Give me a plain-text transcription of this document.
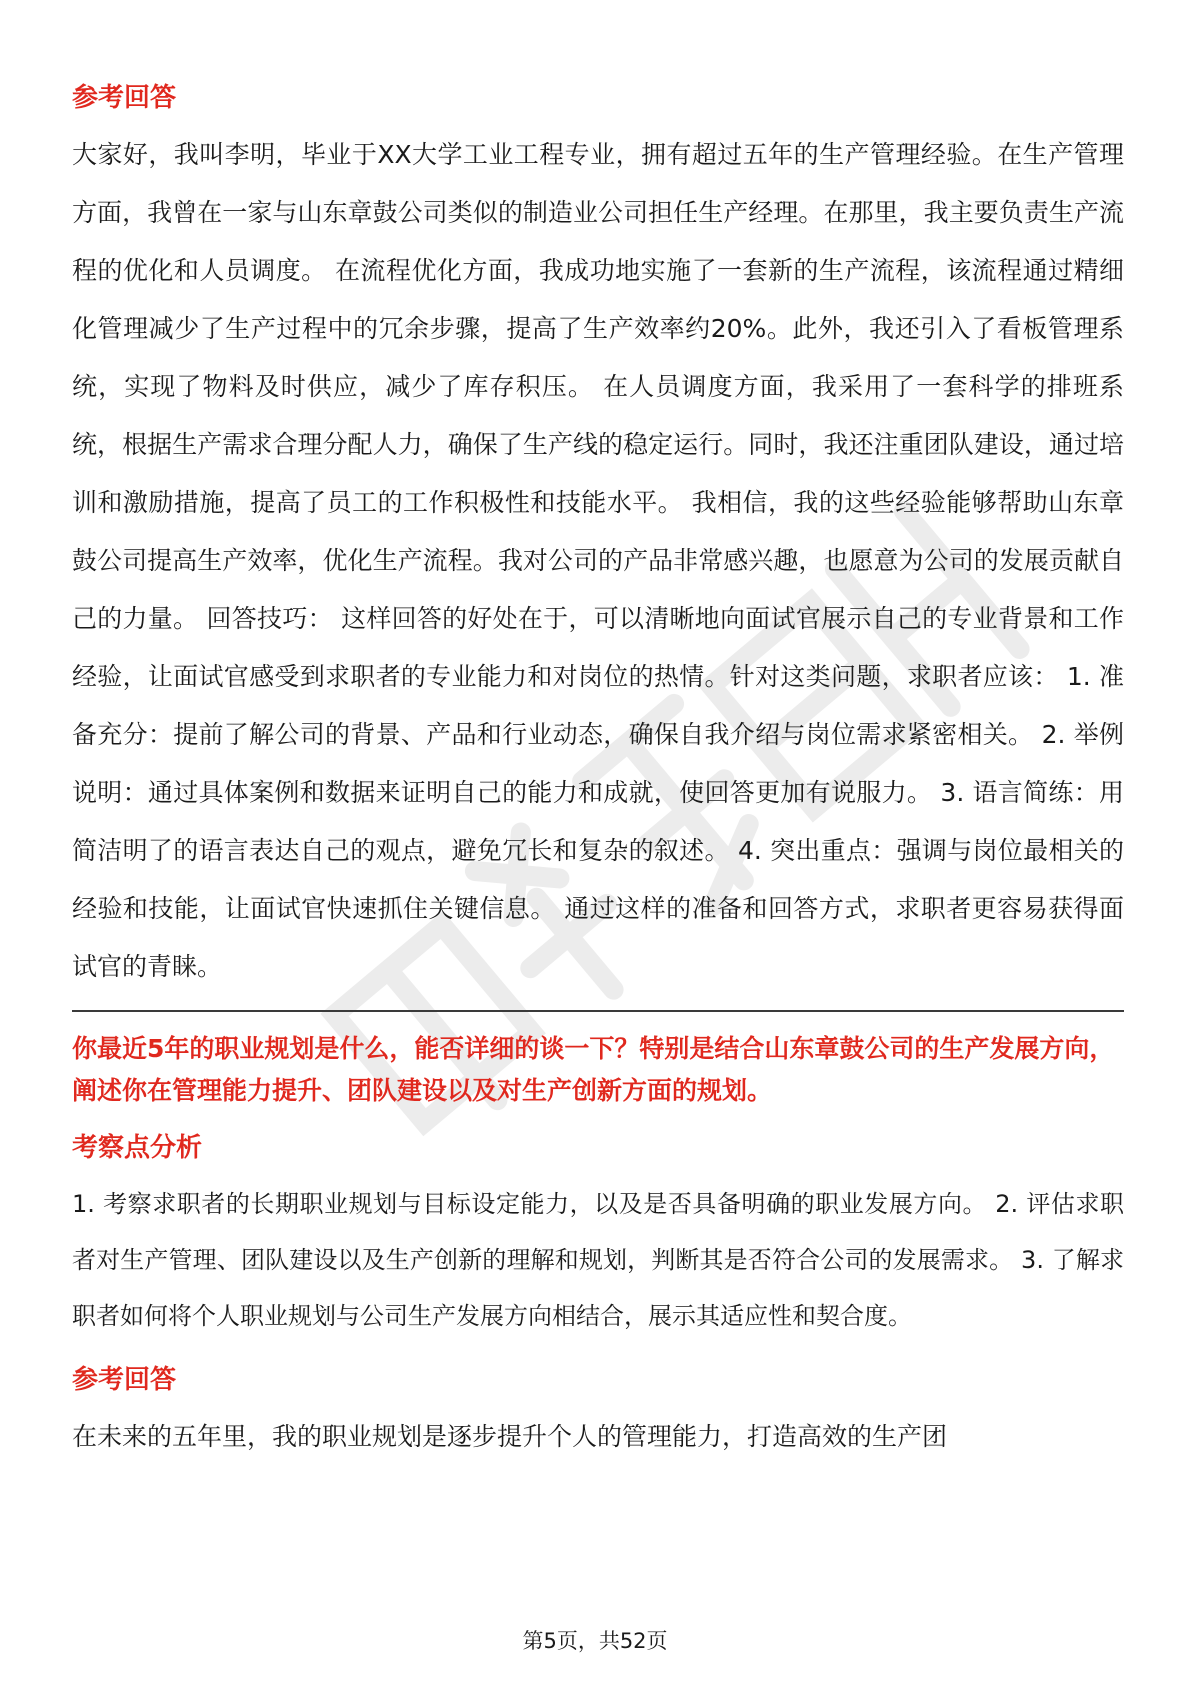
参考回答

大家好，我叫李明，毕业于XX大学工业工程专业，拥有超过五年的生产管理经验。在生产管理方面，我曾在一家与山东章鼓公司类似的制造业公司担任生产经理。在那里，我主要负责生产流程的优化和人员调度。 在流程优化方面，我成功地实施了一套新的生产流程，该流程通过精细化管理减少了生产过程中的冗余步骤，提高了生产效率约20%。此外，我还引入了看板管理系统，实现了物料及时供应，减少了库存积压。 在人员调度方面，我采用了一套科学的排班系统，根据生产需求合理分配人力，确保了生产线的稳定运行。同时，我还注重团队建设，通过培训和激励措施，提高了员工的工作积极性和技能水平。 我相信，我的这些经验能够帮助山东章鼓公司提高生产效率，优化生产流程。我对公司的产品非常感兴趣，也愿意为公司的发展贡献自己的力量。 回答技巧： 这样回答的好处在于，可以清晰地向面试官展示自己的专业背景和工作经验，让面试官感受到求职者的专业能力和对岗位的热情。针对这类问题，求职者应该： 1. 准备充分：提前了解公司的背景、产品和行业动态，确保自我介绍与岗位需求紧密相关。 2. 举例说明：通过具体案例和数据来证明自己的能力和成就，使回答更加有说服力。 3. 语言简练：用简洁明了的语言表达自己的观点，避免冗长和复杂的叙述。 4. 突出重点：强调与岗位最相关的经验和技能，让面试官快速抓住关键信息。 通过这样的准备和回答方式，求职者更容易获得面试官的青睐。

你最近5年的职业规划是什么，能否详细的谈一下？特别是结合山东章鼓公司的生产发展方向，阐述你在管理能力提升、团队建设以及对生产创新方面的规划。

考察点分析

1. 考察求职者的长期职业规划与目标设定能力，以及是否具备明确的职业发展方向。 2. 评估求职者对生产管理、团队建设以及生产创新的理解和规划，判断其是否符合公司的发展需求。 3. 了解求职者如何将个人职业规划与公司生产发展方向相结合，展示其适应性和契合度。

参考回答

在未来的五年里，我的职业规划是逐步提升个人的管理能力，打造高效的生产团

第5页，共52页
